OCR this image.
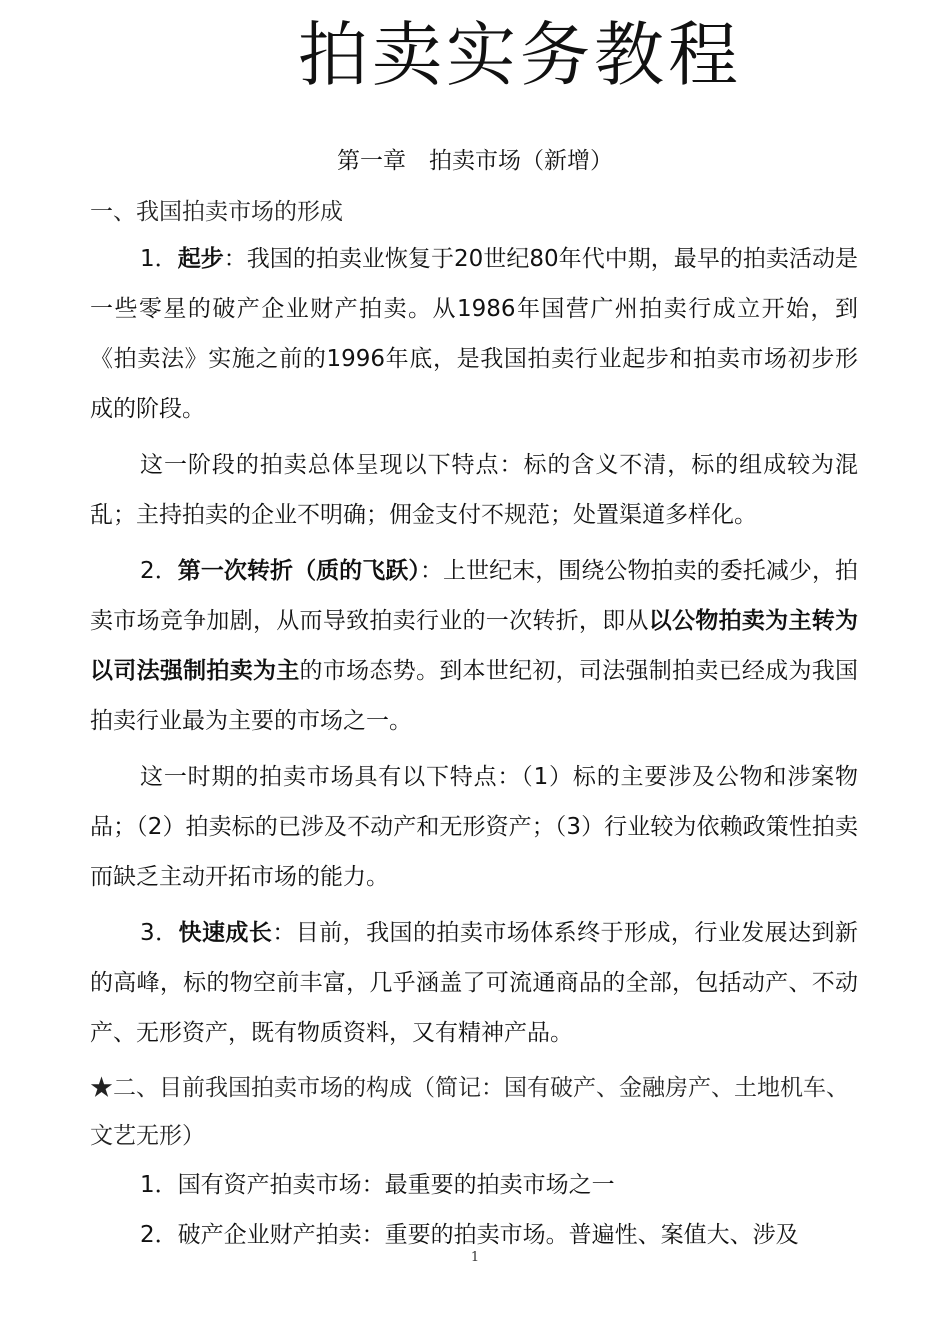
拍卖实务教程
第一章　拍卖市场（新增）
一、我国拍卖市场的形成

1．起步：我国的拍卖业恢复于20世纪80年代中期，最早的拍卖活动是一些零星的破产企业财产拍卖。从1986年国营广州拍卖行成立开始，到《拍卖法》实施之前的1996年底，是我国拍卖行业起步和拍卖市场初步形成的阶段。

这一阶段的拍卖总体呈现以下特点：标的含义不清，标的组成较为混乱；主持拍卖的企业不明确；佣金支付不规范；处置渠道多样化。

2．第一次转折（质的飞跃）：上世纪末，围绕公物拍卖的委托减少，拍卖市场竞争加剧，从而导致拍卖行业的一次转折，即从以公物拍卖为主转为以司法强制拍卖为主的市场态势。到本世纪初，司法强制拍卖已经成为我国拍卖行业最为主要的市场之一。

这一时期的拍卖市场具有以下特点：（1）标的主要涉及公物和涉案物品；（2）拍卖标的已涉及不动产和无形资产；（3）行业较为依赖政策性拍卖而缺乏主动开拓市场的能力。

3．快速成长：目前，我国的拍卖市场体系终于形成，行业发展达到新的高峰，标的物空前丰富，几乎涵盖了可流通商品的全部，包括动产、不动产、无形资产，既有物质资料，又有精神产品。

★二、目前我国拍卖市场的构成（简记：国有破产、金融房产、土地机车、文艺无形）

1．国有资产拍卖市场：最重要的拍卖市场之一

2．破产企业财产拍卖：重要的拍卖市场。普遍性、案值大、涉及

1
